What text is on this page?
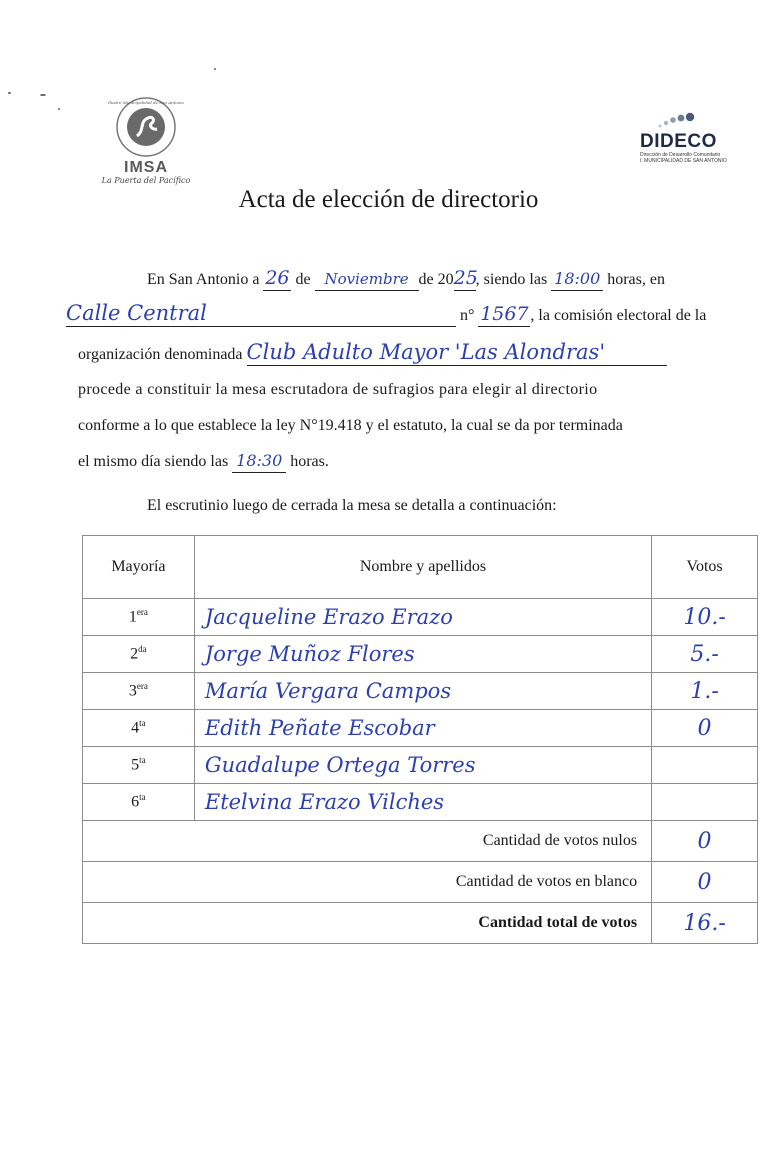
Ilustre Municipalidad de San Antonio
IMSA
La Puerta del Pacífico
DIDECO
Dirección de Desarrollo Comunitario
I. MUNICIPALIDAD DE SAN ANTONIO
Acta de elección de directorio
En San Antonio a 26 de Noviembre de 2025, siendo las 18:00 horas, en
Calle Central	n° 1567 , la comisión electoral de la
organización denominada Club Adulto Mayor 'Las Alondras'
procede a constituir la mesa escrutadora de sufragios para elegir al directorio
conforme a lo que establece la ley N°19.418 y el estatuto, la cual se da por terminada
el mismo día siendo las 18:30 horas.
El escrutinio luego de cerrada la mesa se detalla a continuación:
Mayoría	Nombre y apellidos	Votos
$1^{era}$	Jacqueline Erazo Erazo	10.-
$2^{da}$	Jorge Muñoz Flores	5.-
$3^{era}$	María Vergara Campos	1.-
$4^{ta}$	Edith Peñate Escobar	0
$5^{ta}$	Guadalupe Ortega Torres	
$6^{ta}$	Etelvina Erazo Vilches	
Cantidad de votos nulos		0
Cantidad de votos en blanco		0
Cantidad total de votos		16.-
